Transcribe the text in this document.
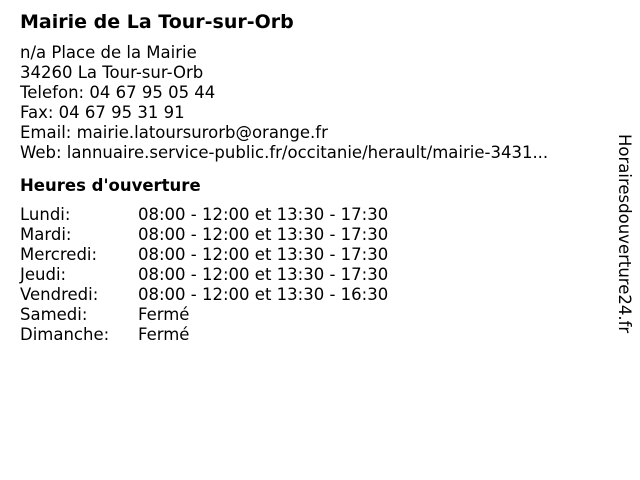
Mairie de La Tour-sur-Orb
n/a Place de la Mairie
34260 La Tour-sur-Orb
Telefon: 04 67 95 05 44
Fax: 04 67 95 31 91
Email: mairie.latoursurorb@orange.fr
Web: lannuaire.service-public.fr/occitanie/herault/mairie-3431...
Heures d'ouverture
Lundi:	08:00 - 12:00 et 13:30 - 17:30
Mardi:	08:00 - 12:00 et 13:30 - 17:30
Mercredi:	08:00 - 12:00 et 13:30 - 17:30
Jeudi:	08:00 - 12:00 et 13:30 - 17:30
Vendredi:	08:00 - 12:00 et 13:30 - 16:30
Samedi:	Fermé
Dimanche:	Fermé
Horairesdouverture24.fr
